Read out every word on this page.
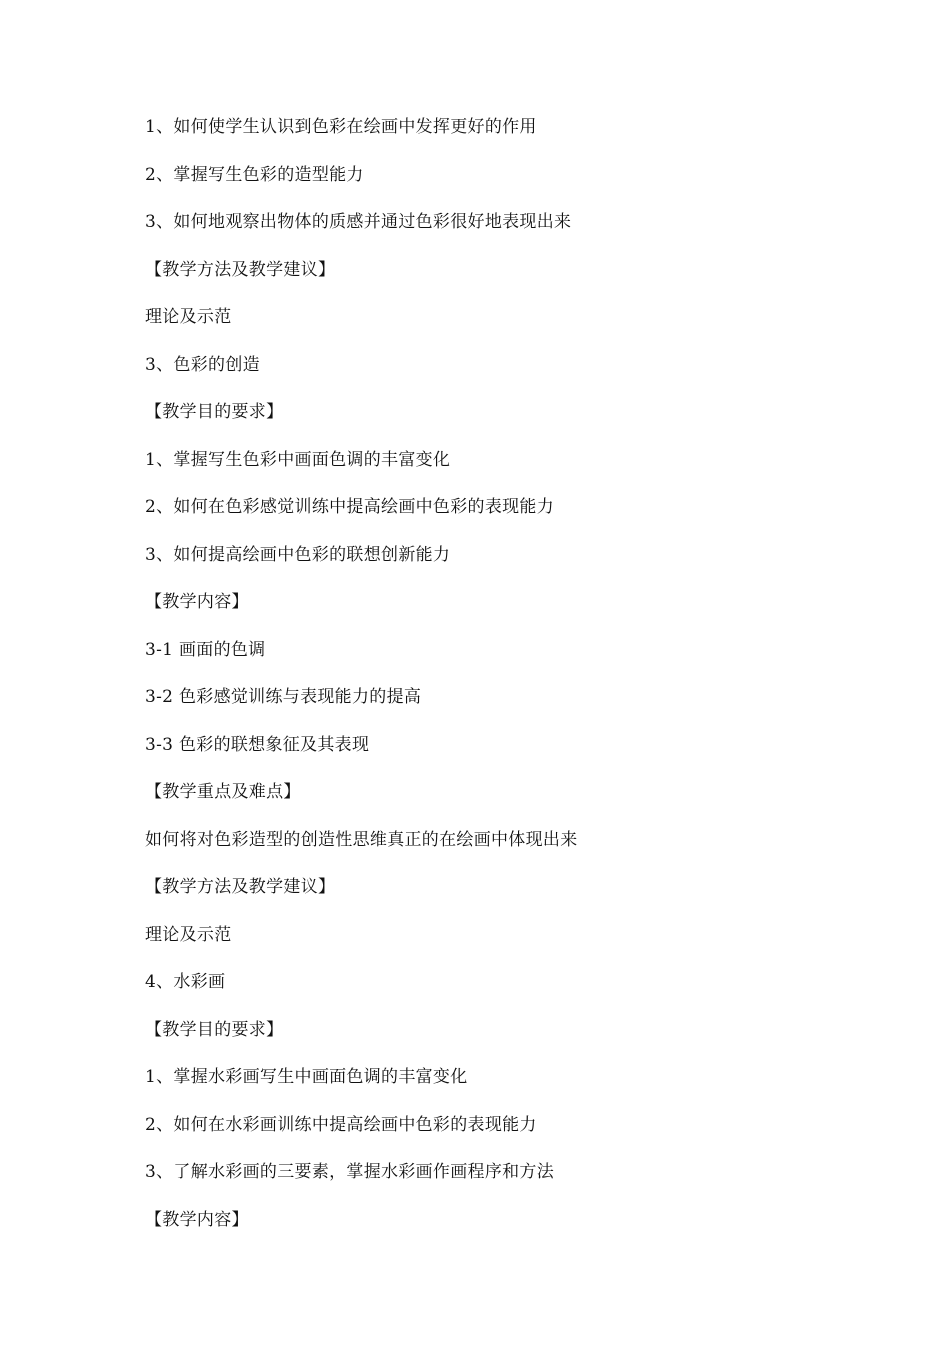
1、如何使学生认识到色彩在绘画中发挥更好的作用
2、掌握写生色彩的造型能力
3、如何地观察出物体的质感并通过色彩很好地表现出来
【教学方法及教学建议】
理论及示范
3、色彩的创造
【教学目的要求】
1、掌握写生色彩中画面色调的丰富变化
2、如何在色彩感觉训练中提高绘画中色彩的表现能力
3、如何提高绘画中色彩的联想创新能力
【教学内容】
3-1 画面的色调
3-2 色彩感觉训练与表现能力的提高
3-3 色彩的联想象征及其表现
【教学重点及难点】
如何将对色彩造型的创造性思维真正的在绘画中体现出来
【教学方法及教学建议】
理论及示范
4、水彩画
【教学目的要求】
1、掌握水彩画写生中画面色调的丰富变化
2、如何在水彩画训练中提高绘画中色彩的表现能力
3、了解水彩画的三要素，掌握水彩画作画程序和方法
【教学内容】
